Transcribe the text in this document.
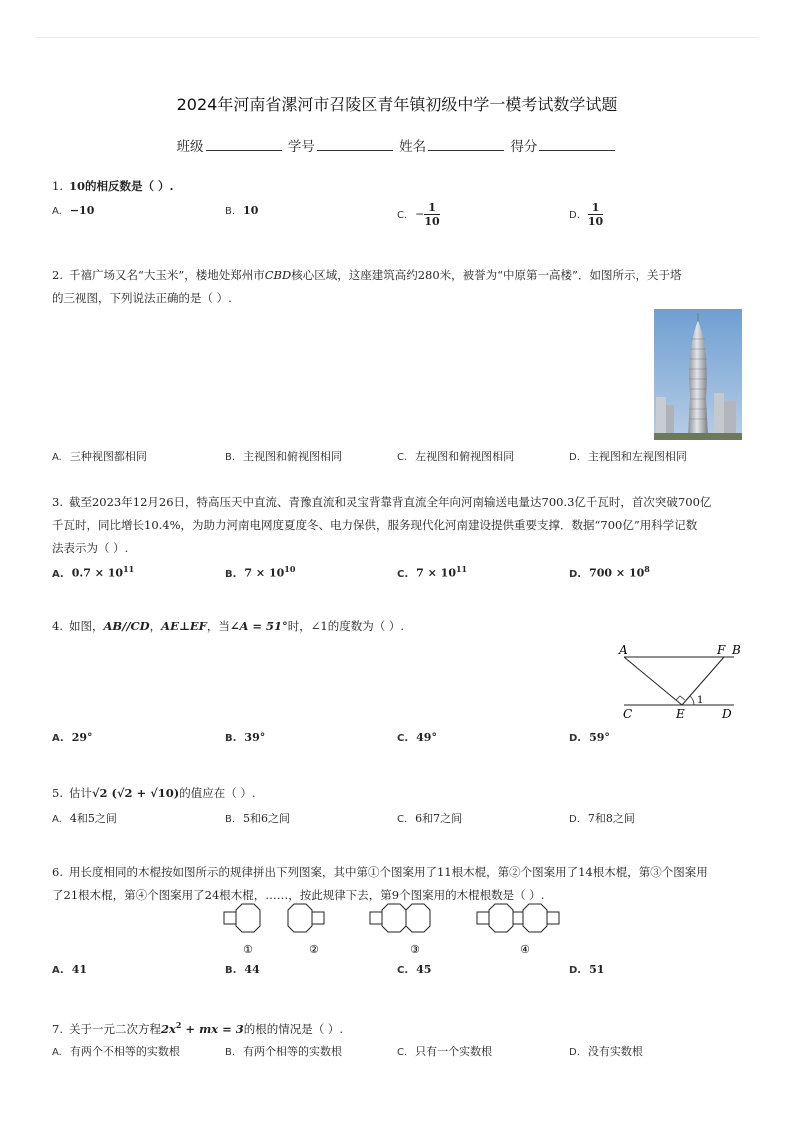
2024年河南省漯河市召陵区青年镇初级中学一模考试数学试题
班级	学号	姓名	得分
1. 10的相反数是（ ）.
A. −10	B. 10	C. − $\frac{1}{10}$	D. $\frac{1}{10}$
2. 千禧广场又名“大玉米”，楼地处郑州市CBD核心区域，这座建筑高约280米，被誉为“中原第一高楼”．如图所示，关于塔
的三视图，下列说法正确的是（ ）.
A. 三种视图都相同	B. 主视图和俯视图相同	C. 左视图和俯视图相同	D. 主视图和左视图相同
3. 截至2023年12月26日，特高压天中直流、青豫直流和灵宝背靠背直流全年向河南输送电量达700.3亿千瓦时，首次突破700亿
千瓦时，同比增长10.4%，为助力河南电网度夏度冬、电力保供，服务现代化河南建设提供重要支撑．数据“700亿”用科学记数
法表示为（ ）.
A. $0.7 \times 10^{11}$	B. $7 \times 10^{10}$	C. $7 \times 10^{11}$	D. $700 \times 10^8$
4. 如图，AB//CD，AE⊥EF，当∠A = 51°时，∠1的度数为（ ）.
A	F B
C	E	D
1
A. 29°	B. 39°	C. 49°	D. 59°
5. 估计√2 (√2 + √10)的值应在（ ）.
A. 4和5之间	B. 5和6之间	C. 6和7之间	D. 7和8之间
6. 用长度相同的木棍按如图所示的规律拼出下列图案，其中第①个图案用了11根木棍，第②个图案用了14根木棍，第③个图案用
了21根木棍，第④个图案用了24根木棍，……，按此规律下去，第9个图案用的木棍根数是（ ）.
①	②	③	④
A. 41	B. 44	C. 45	D. 51
7. 关于一元二次方程$2x^2$ + mx = 3的根的情况是（ ）.
A. 有两个不相等的实数根	B. 有两个相等的实数根	C. 只有一个实数根	D. 没有实数根
